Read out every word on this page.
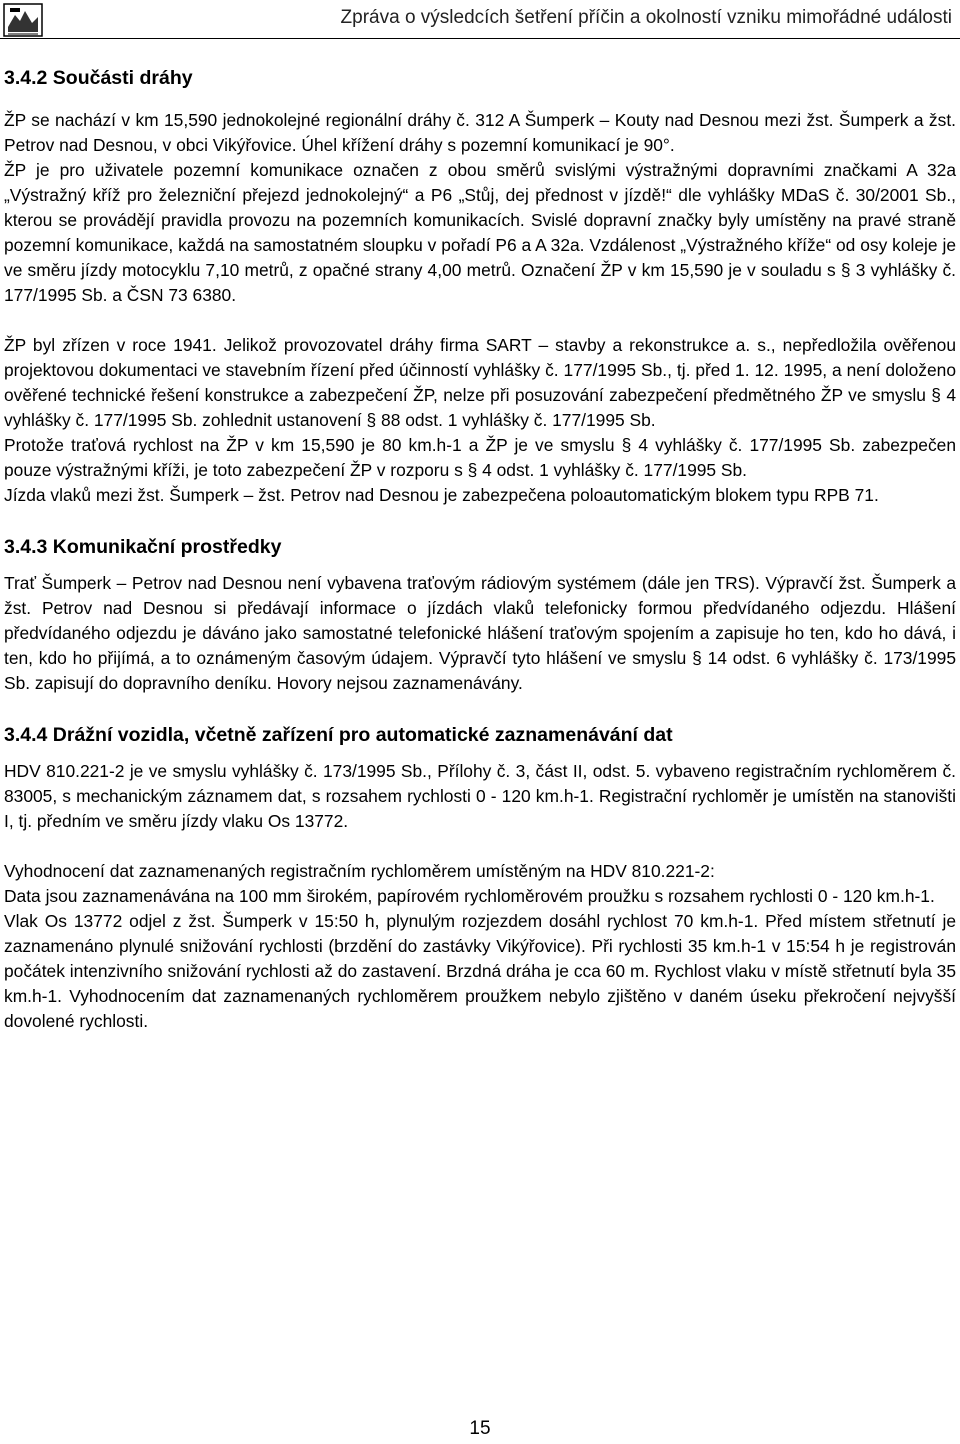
Zpráva o výsledcích šetření příčin a okolností vzniku mimořádné události
3.4.2 Součásti dráhy

ŽP se nachází v km 15,590 jednokolejné regionální dráhy č. 312 A Šumperk – Kouty nad Desnou mezi žst. Šumperk a žst. Petrov nad Desnou, v obci Vikýřovice. Úhel křížení dráhy s pozemní komunikací je 90°.

ŽP je pro uživatele pozemní komunikace označen z obou směrů svislými výstražnými dopravními značkami A 32a „Výstražný kříž pro železniční přejezd jednokolejný“ a P6 „Stůj, dej přednost v jízdě!“ dle vyhlášky MDaS č. 30/2001 Sb., kterou se provádějí pravidla provozu na pozemních komunikacích. Svislé dopravní značky byly umístěny na pravé straně pozemní komunikace, každá na samostatném sloupku v pořadí P6 a A 32a. Vzdálenost „Výstražného kříže“ od osy koleje je ve směru jízdy motocyklu 7,10 metrů, z opačné strany 4,00 metrů. Označení ŽP v km 15,590 je v souladu s § 3 vyhlášky č. 177/1995 Sb. a ČSN 73 6380.

ŽP byl zřízen v roce 1941. Jelikož provozovatel dráhy firma SART – stavby a rekonstrukce a. s., nepředložila ověřenou projektovou dokumentaci ve stavebním řízení před účinností vyhlášky č. 177/1995 Sb., tj. před 1. 12. 1995, a není doloženo ověřené technické řešení konstrukce a zabezpečení ŽP, nelze při posuzování zabezpečení předmětného ŽP ve smyslu § 4 vyhlášky č. 177/1995 Sb. zohlednit ustanovení § 88 odst. 1 vyhlášky č. 177/1995 Sb.

Protože traťová rychlost na ŽP v km 15,590 je 80 km.h-1 a ŽP je ve smyslu § 4 vyhlášky č. 177/1995 Sb. zabezpečen pouze výstražnými kříži, je toto zabezpečení ŽP v rozporu s § 4 odst. 1 vyhlášky č. 177/1995 Sb.

Jízda vlaků mezi žst. Šumperk – žst. Petrov nad Desnou je zabezpečena poloautomatickým blokem typu RPB 71.

3.4.3 Komunikační prostředky

Trať Šumperk – Petrov nad Desnou není vybavena traťovým rádiovým systémem (dále jen TRS). Výpravčí žst. Šumperk a žst. Petrov nad Desnou si předávají informace o jízdách vlaků telefonicky formou předvídaného odjezdu. Hlášení předvídaného odjezdu je dáváno jako samostatné telefonické hlášení traťovým spojením a zapisuje ho ten, kdo ho dává, i ten, kdo ho přijímá, a to oznámeným časovým údajem. Výpravčí tyto hlášení ve smyslu § 14 odst. 6 vyhlášky č. 173/1995 Sb. zapisují do dopravního deníku. Hovory nejsou zaznamenávány.

3.4.4 Drážní vozidla, včetně zařízení pro automatické zaznamenávání dat

HDV 810.221-2 je ve smyslu vyhlášky č. 173/1995 Sb., Přílohy č. 3, část II, odst. 5. vybaveno registračním rychloměrem č. 83005, s mechanickým záznamem dat, s rozsahem rychlosti 0 - 120 km.h-1. Registrační rychloměr je umístěn na stanovišti I, tj. předním ve směru jízdy vlaku Os 13772.

Vyhodnocení dat zaznamenaných registračním rychloměrem umístěným na HDV 810.221-2:

Data jsou zaznamenávána na 100 mm širokém, papírovém rychloměrovém proužku s rozsahem rychlosti 0 - 120 km.h-1.

Vlak Os 13772 odjel z žst. Šumperk v 15:50 h, plynulým rozjezdem dosáhl rychlost 70 km.h-1. Před místem střetnutí je zaznamenáno plynulé snižování rychlosti (brzdění do zastávky Vikýřovice). Při rychlosti 35 km.h-1 v 15:54 h je registrován počátek intenzivního snižování rychlosti až do zastavení. Brzdná dráha je cca 60 m. Rychlost vlaku v místě střetnutí byla 35 km.h-1. Vyhodnocením dat zaznamenaných rychloměrem proužkem nebylo zjištěno v daném úseku překročení nejvyšší dovolené rychlosti.

15
